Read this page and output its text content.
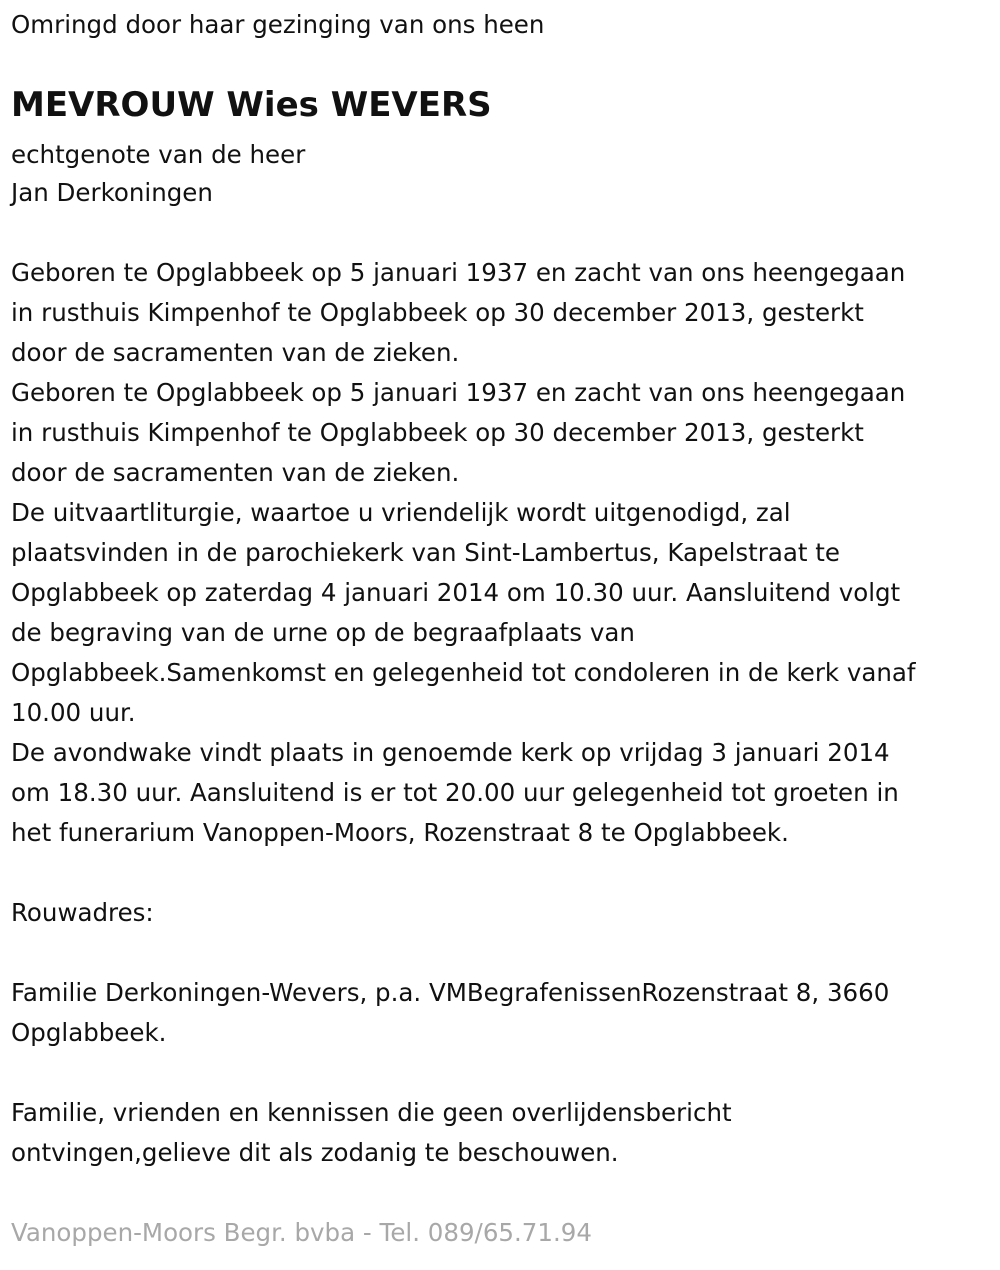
Omringd door haar gezinging van ons heen
MEVROUW Wies WEVERS
echtgenote van de heer
Jan Derkoningen
Geboren te Opglabbeek op 5 januari 1937 en zacht van ons heengegaan
in rusthuis Kimpenhof te Opglabbeek op 30 december 2013, gesterkt
door de sacramenten van de zieken.
Geboren te Opglabbeek op 5 januari 1937 en zacht van ons heengegaan
in rusthuis Kimpenhof te Opglabbeek op 30 december 2013, gesterkt
door de sacramenten van de zieken.
De uitvaartliturgie, waartoe u vriendelijk wordt uitgenodigd, zal
plaatsvinden in de parochiekerk van Sint-Lambertus, Kapelstraat te
Opglabbeek op zaterdag 4 januari 2014 om 10.30 uur. Aansluitend volgt
de begraving van de urne op de begraafplaats van
Opglabbeek.Samenkomst en gelegenheid tot condoleren in de kerk vanaf
10.00 uur.
De avondwake vindt plaats in genoemde kerk op vrijdag 3 januari 2014
om 18.30 uur. Aansluitend is er tot 20.00 uur gelegenheid tot groeten in
het funerarium Vanoppen-Moors, Rozenstraat 8 te Opglabbeek.
Rouwadres:
Familie Derkoningen-Wevers, p.a. VMBegrafenissenRozenstraat 8, 3660
Opglabbeek.
Familie, vrienden en kennissen die geen overlijdensbericht
ontvingen,gelieve dit als zodanig te beschouwen.
Vanoppen-Moors Begr. bvba - Tel. 089/65.71.94
